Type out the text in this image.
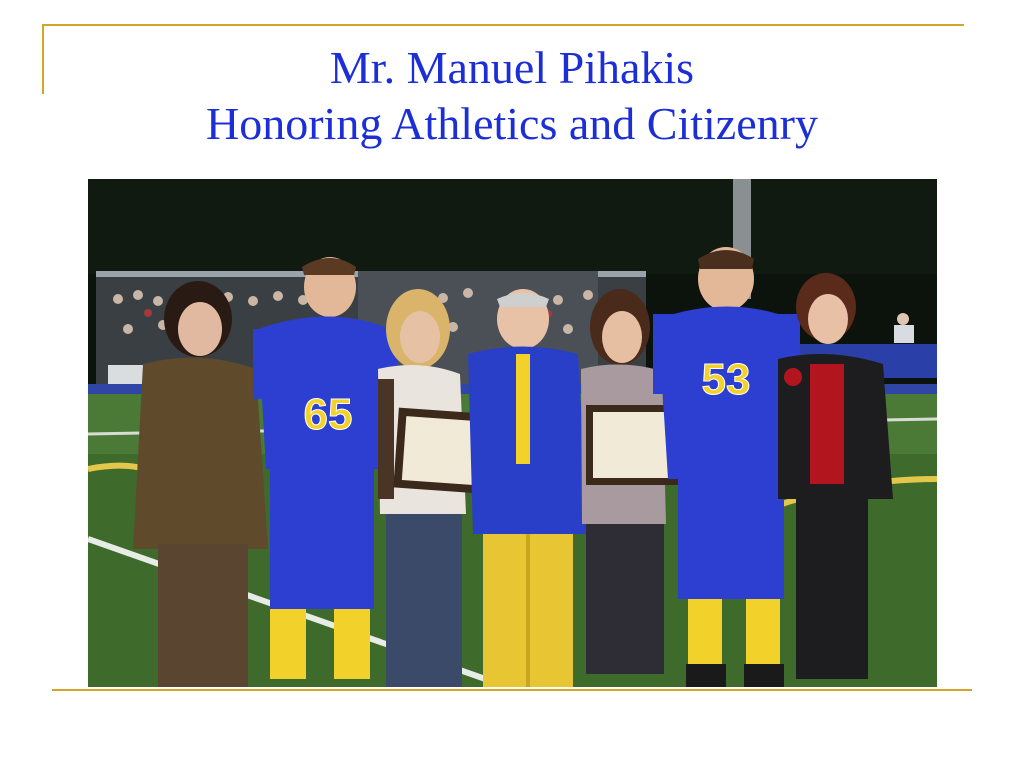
Mr. Manuel Pihakis
Honoring Athletics and Citizenry
65
53
